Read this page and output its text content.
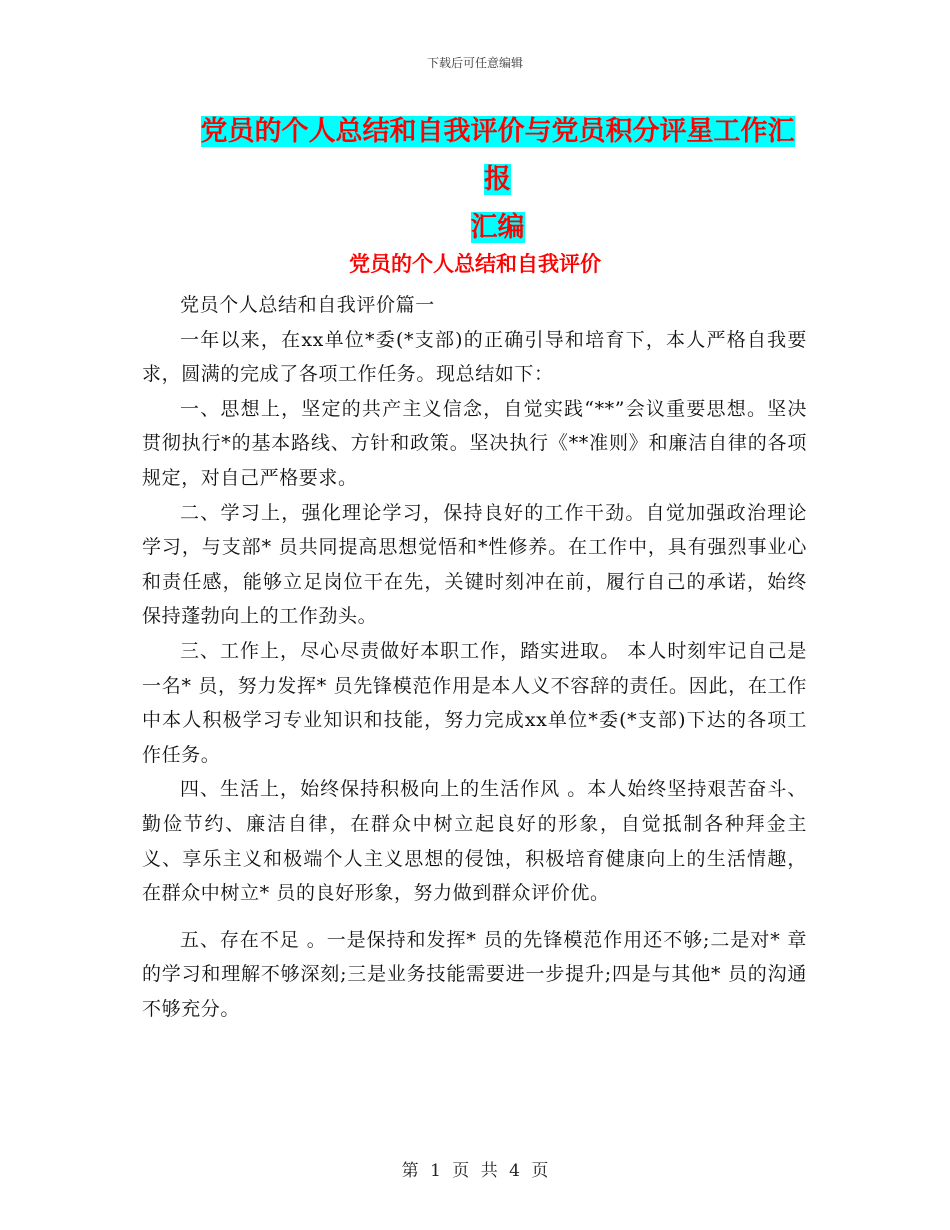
下载后可任意编辑
党员的个人总结和自我评价与党员积分评星工作汇报
汇编
党员的个人总结和自我评价

党员个人总结和自我评价篇一

一年以来，在xx单位*委(*支部)的正确引导和培育下，本人严格自我要求，圆满的完成了各项工作任务。现总结如下：

一、思想上，坚定的共产主义信念，自觉实践“**”会议重要思想。坚决贯彻执行*的基本路线、方针和政策。坚决执行《**准则》和廉洁自律的各项规定，对自己严格要求。

二、学习上，强化理论学习，保持良好的工作干劲。自觉加强政治理论学习，与支部* 员共同提高思想觉悟和*性修养。在工作中，具有强烈事业心和责任感，能够立足岗位干在先，关键时刻冲在前，履行自己的承诺，始终保持蓬勃向上的工作劲头。

三、工作上，尽心尽责做好本职工作，踏实进取。 本人时刻牢记自己是一名* 员，努力发挥* 员先锋模范作用是本人义不容辞的责任。因此，在工作中本人积极学习专业知识和技能，努力完成xx单位*委(*支部)下达的各项工作任务。

四、生活上，始终保持积极向上的生活作风 。本人始终坚持艰苦奋斗、勤俭节约、廉洁自律，在群众中树立起良好的形象，自觉抵制各种拜金主义、享乐主义和极端个人主义思想的侵蚀，积极培育健康向上的生活情趣，在群众中树立* 员的良好形象，努力做到群众评价优。

五、存在不足 。一是保持和发挥* 员的先锋模范作用还不够;二是对* 章的学习和理解不够深刻;三是业务技能需要进一步提升;四是与其他* 员的沟通不够充分。

第 1 页 共 4 页
